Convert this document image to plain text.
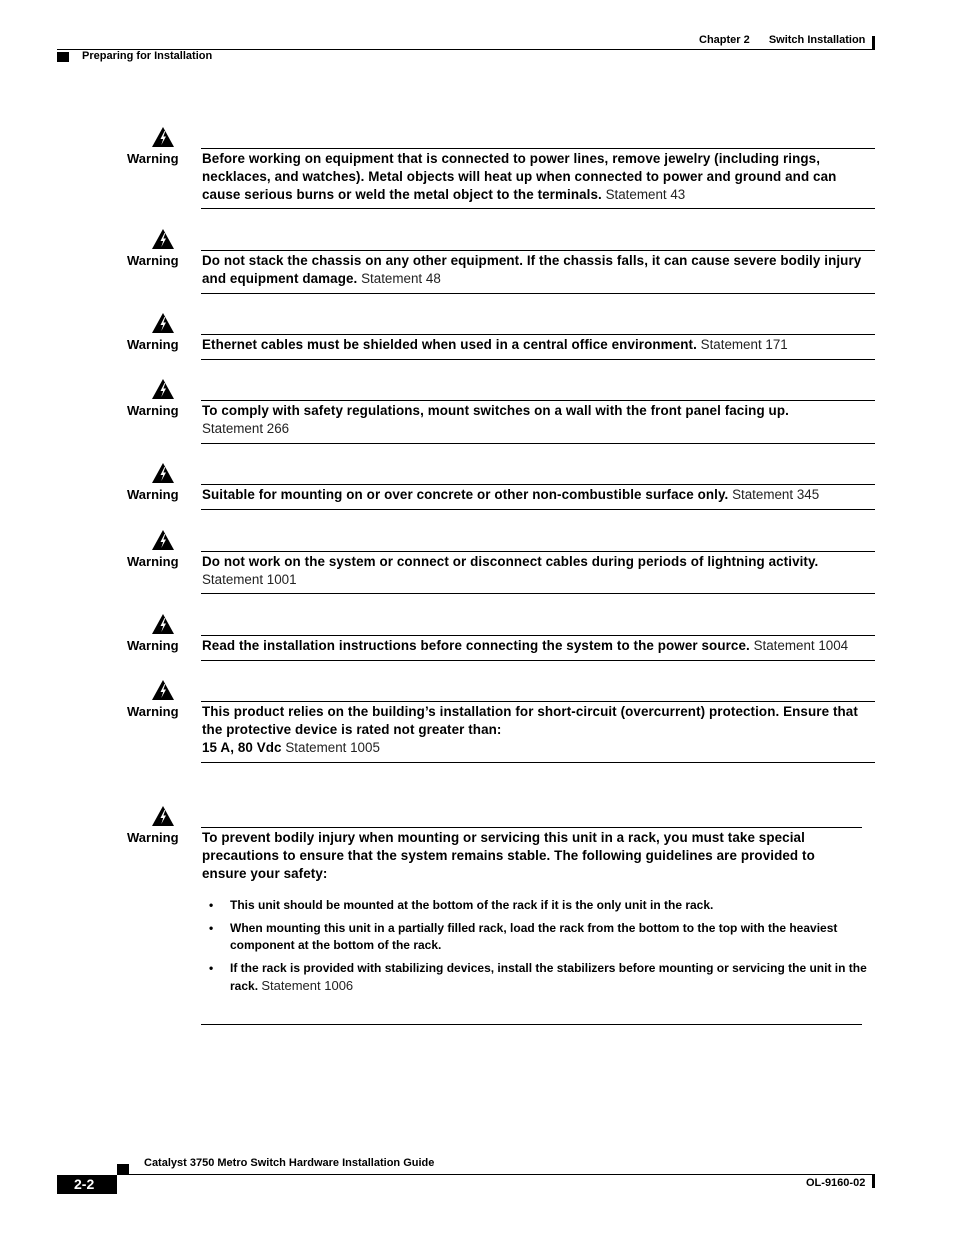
Chapter 2 Switch Installation
Preparing for Installation
Warning Before working on equipment that is connected to power lines, remove jewelry (including rings, necklaces, and watches). Metal objects will heat up when connected to power and ground and can cause serious burns or weld the metal object to the terminals. Statement 43
Warning Do not stack the chassis on any other equipment. If the chassis falls, it can cause severe bodily injury and equipment damage. Statement 48
Warning Ethernet cables must be shielded when used in a central office environment. Statement 171
Warning To comply with safety regulations, mount switches on a wall with the front panel facing up.
Statement 266
Warning Suitable for mounting on or over concrete or other non-combustible surface only. Statement 345
Warning Do not work on the system or connect or disconnect cables during periods of lightning activity.
Statement 1001
Warning Read the installation instructions before connecting the system to the power source. Statement 1004
Warning This product relies on the building’s installation for short-circuit (overcurrent) protection. Ensure that the protective device is rated not greater than:
15 A, 80 Vdc Statement 1005
Warning To prevent bodily injury when mounting or servicing this unit in a rack, you must take special precautions to ensure that the system remains stable. The following guidelines are provided to ensure your safety:
• This unit should be mounted at the bottom of the rack if it is the only unit in the rack.
• When mounting this unit in a partially filled rack, load the rack from the bottom to the top with the heaviest component at the bottom of the rack.
• If the rack is provided with stabilizing devices, install the stabilizers before mounting or servicing the unit in the rack. Statement 1006
Catalyst 3750 Metro Switch Hardware Installation Guide
2-2	OL-9160-02
